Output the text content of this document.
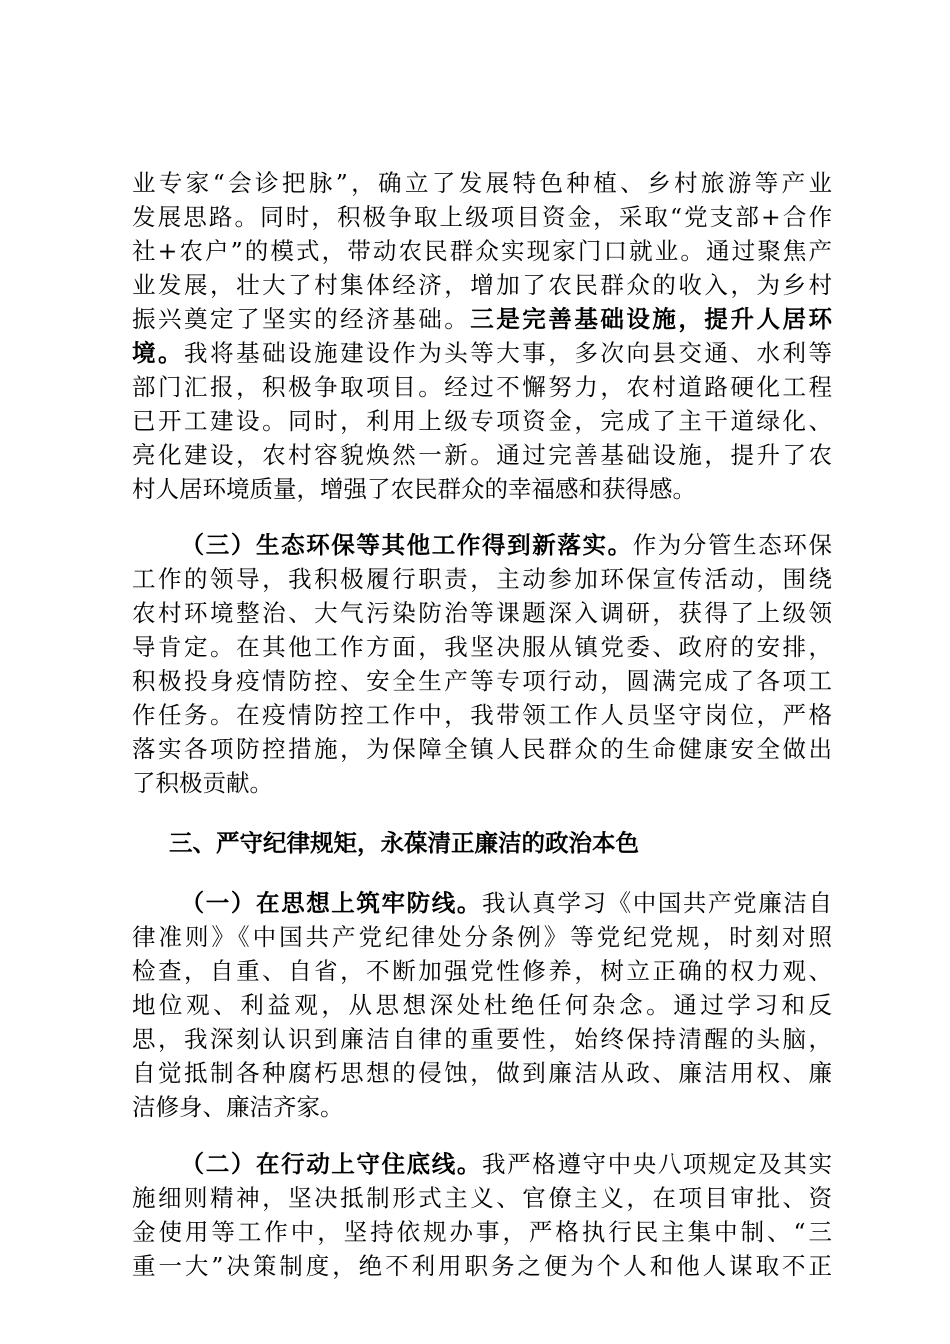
业专家“会诊把脉”，确立了发展特色种植、乡村旅游等产业
发展思路。同时，积极争取上级项目资金，采取“党支部+合作
社+农户”的模式，带动农民群众实现家门口就业。通过聚焦产
业发展，壮大了村集体经济，增加了农民群众的收入，为乡村
振兴奠定了坚实的经济基础。三是完善基础设施，提升人居环
境。我将基础设施建设作为头等大事，多次向县交通、水利等
部门汇报，积极争取项目。经过不懈努力，农村道路硬化工程
已开工建设。同时，利用上级专项资金，完成了主干道绿化、
亮化建设，农村容貌焕然一新。通过完善基础设施，提升了农
村人居环境质量，增强了农民群众的幸福感和获得感。
（三）生态环保等其他工作得到新落实。作为分管生态环保
工作的领导，我积极履行职责，主动参加环保宣传活动，围绕
农村环境整治、大气污染防治等课题深入调研，获得了上级领
导肯定。在其他工作方面，我坚决服从镇党委、政府的安排，
积极投身疫情防控、安全生产等专项行动，圆满完成了各项工
作任务。在疫情防控工作中，我带领工作人员坚守岗位，严格
落实各项防控措施，为保障全镇人民群众的生命健康安全做出
了积极贡献。
三、严守纪律规矩，永葆清正廉洁的政治本色
（一）在思想上筑牢防线。我认真学习《中国共产党廉洁自
律准则》《中国共产党纪律处分条例》等党纪党规，时刻对照
检查，自重、自省，不断加强党性修养，树立正确的权力观、
地位观、利益观，从思想深处杜绝任何杂念。通过学习和反
思，我深刻认识到廉洁自律的重要性，始终保持清醒的头脑，
自觉抵制各种腐朽思想的侵蚀，做到廉洁从政、廉洁用权、廉
洁修身、廉洁齐家。
（二）在行动上守住底线。我严格遵守中央八项规定及其实
施细则精神，坚决抵制形式主义、官僚主义，在项目审批、资
金使用等工作中，坚持依规办事，严格执行民主集中制、“三
重一大”决策制度，绝不利用职务之便为个人和他人谋取不正
